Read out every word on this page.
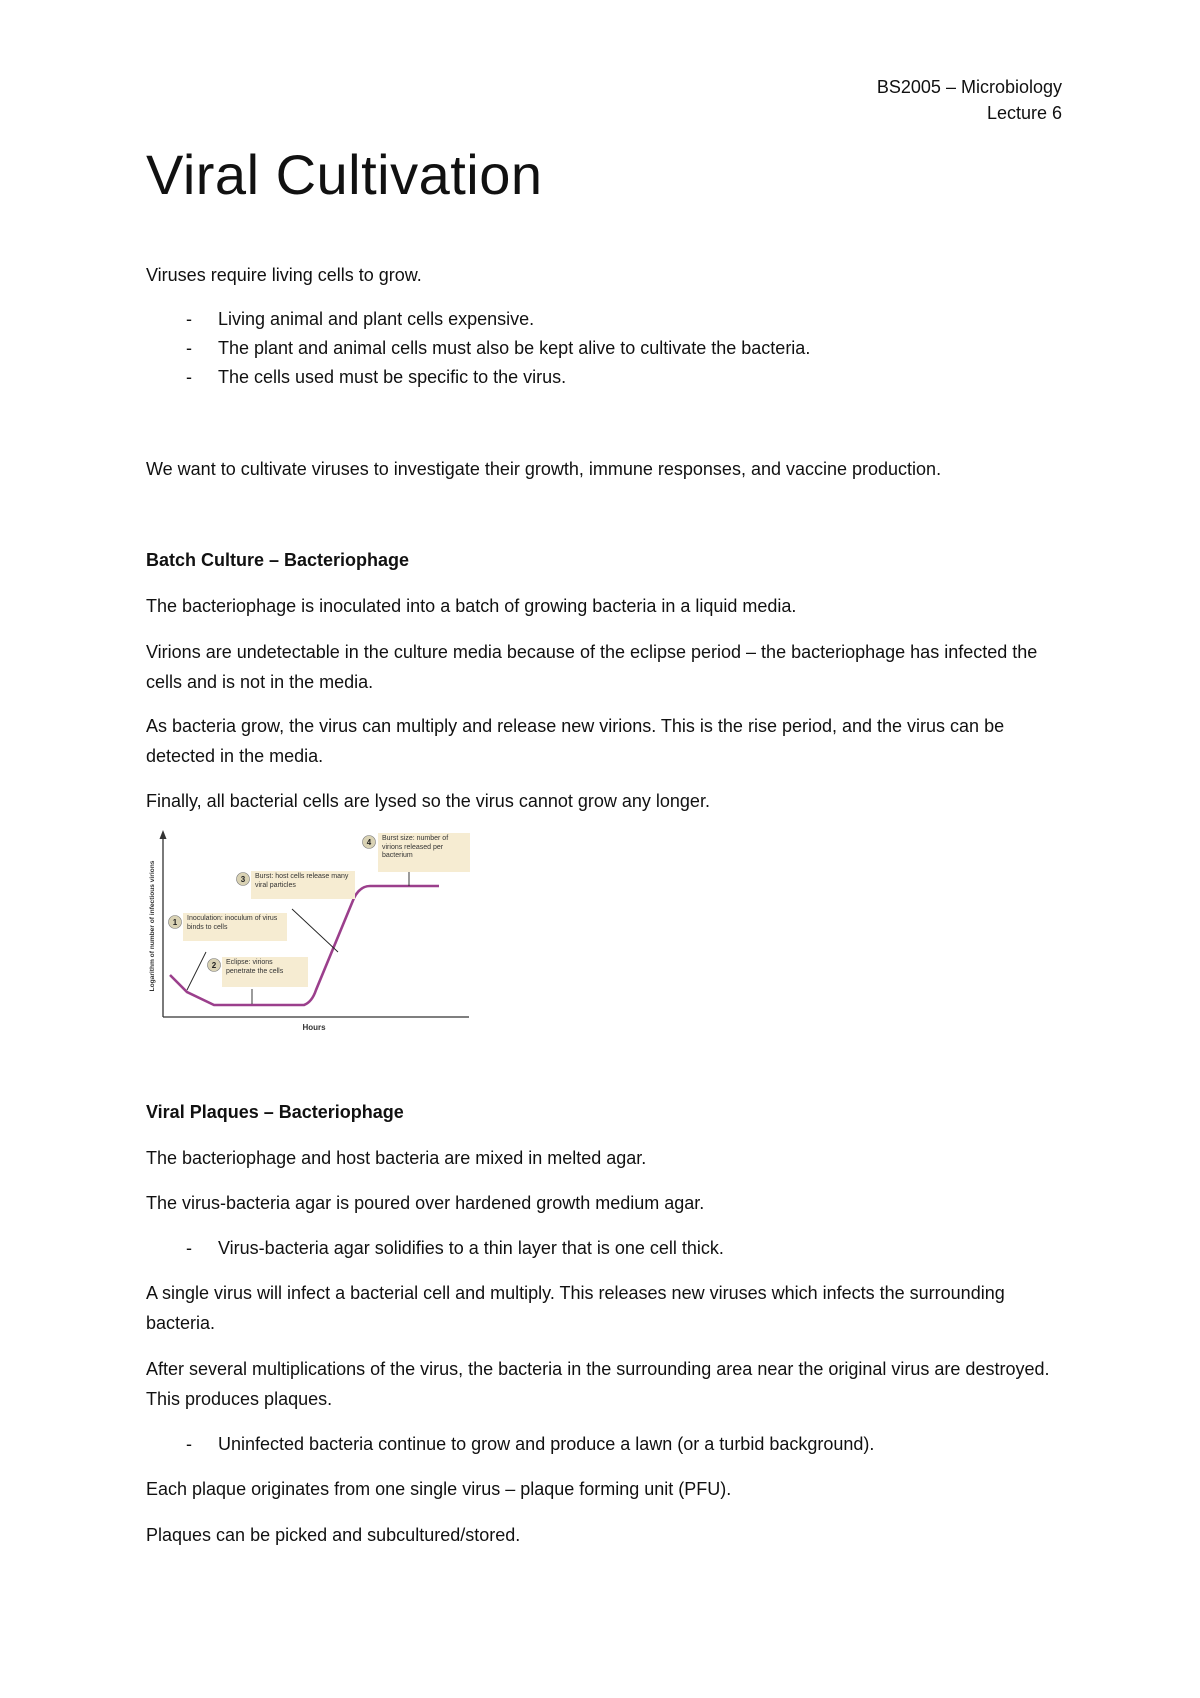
BS2005 – Microbiology
Lecture 6
Viral Cultivation

Viruses require living cells to grow.

- Living animal and plant cells expensive.
- The plant and animal cells must also be kept alive to cultivate the bacteria.
- The cells used must be specific to the virus.

We want to cultivate viruses to investigate their growth, immune responses, and vaccine production.

Batch Culture – Bacteriophage

The bacteriophage is inoculated into a batch of growing bacteria in a liquid media.

Virions are undetectable in the culture media because of the eclipse period – the bacteriophage has infected the cells and is not in the media.

As bacteria grow, the virus can multiply and release new virions. This is the rise period, and the virus can be detected in the media.

Finally, all bacterial cells are lysed so the virus cannot grow any longer.

Logarithm of number of infectious virions
Hours
4	Burst size: number of virions released per bacterium
3	Burst: host cells release many viral particles
1	Inoculation: inoculum of virus binds to cells
2	Eclipse: virions penetrate the cells

Viral Plaques – Bacteriophage

The bacteriophage and host bacteria are mixed in melted agar.

The virus-bacteria agar is poured over hardened growth medium agar.

- Virus-bacteria agar solidifies to a thin layer that is one cell thick.

A single virus will infect a bacterial cell and multiply. This releases new viruses which infects the surrounding bacteria.

After several multiplications of the virus, the bacteria in the surrounding area near the original virus are destroyed. This produces plaques.

- Uninfected bacteria continue to grow and produce a lawn (or a turbid background).

Each plaque originates from one single virus – plaque forming unit (PFU).

Plaques can be picked and subcultured/stored.
